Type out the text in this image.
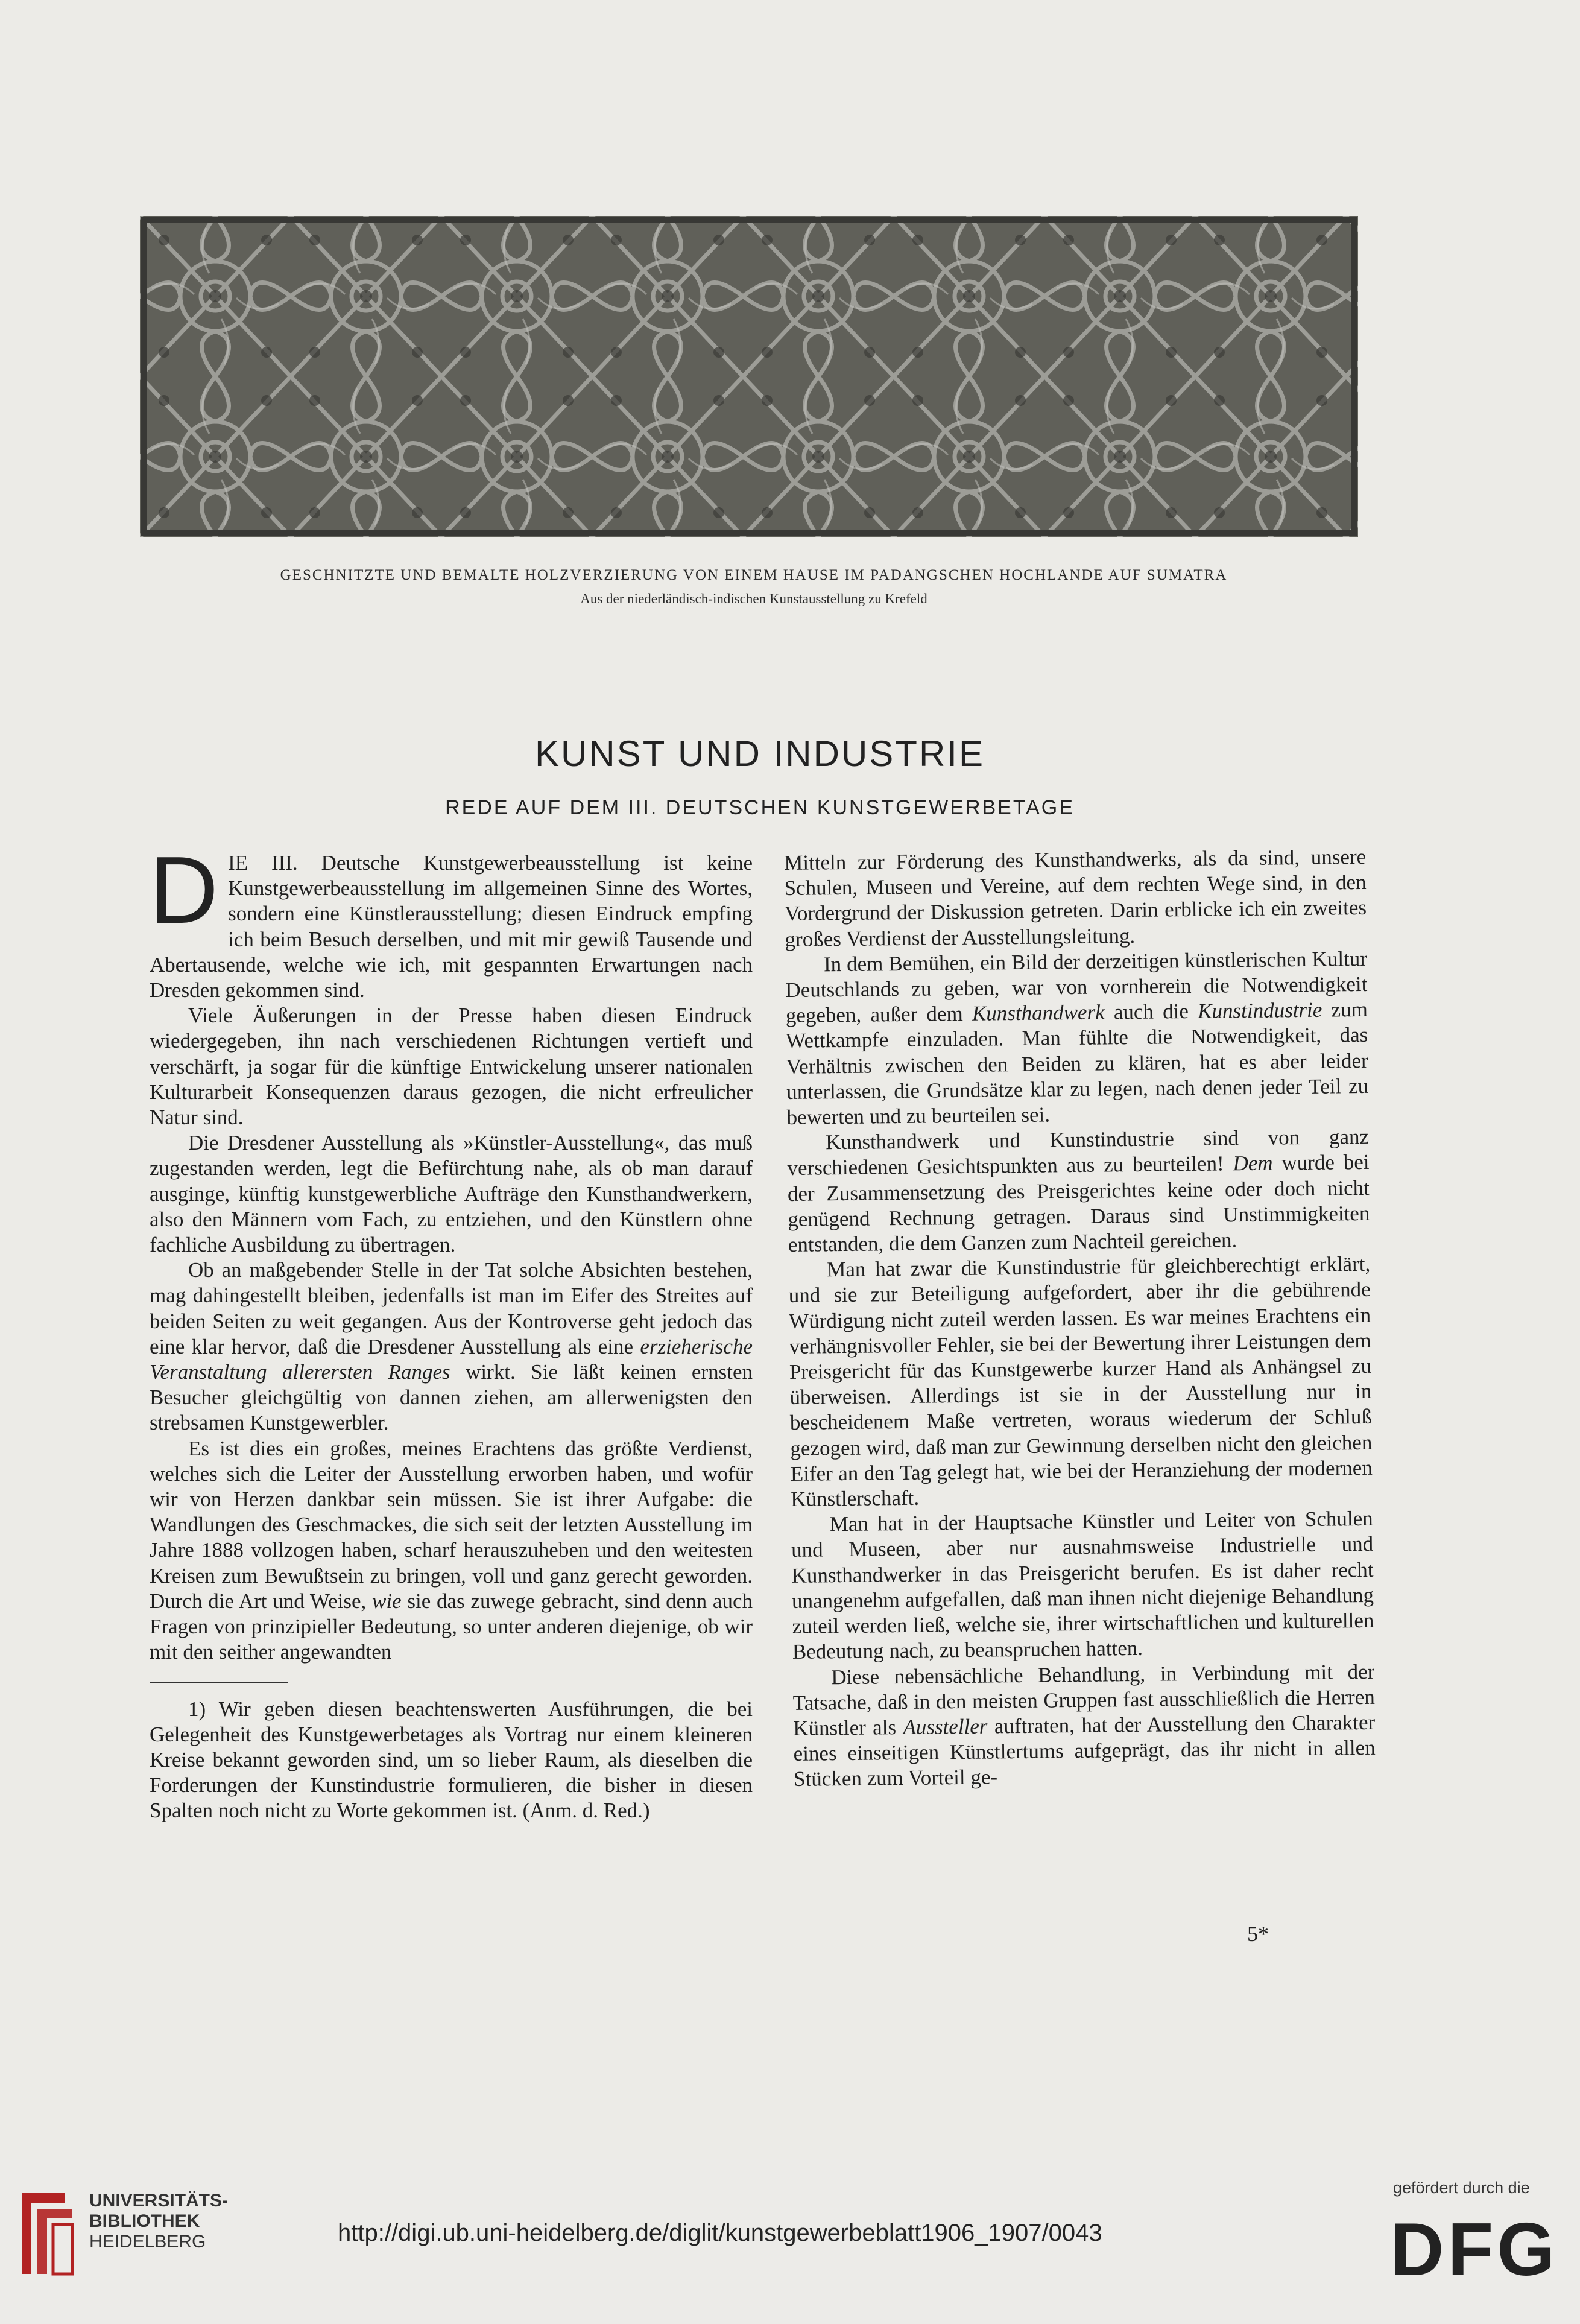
GESCHNITZTE UND BEMALTE HOLZVERZIERUNG VON EINEM HAUSE IM PADANGSCHEN HOCHLANDE AUF SUMATRA
Aus der niederländisch-indischen Kunstausstellung zu Krefeld
KUNST UND INDUSTRIE
REDE AUF DEM III. DEUTSCHEN KUNSTGEWERBETAGE

DIE III. Deutsche Kunstgewerbeausstellung ist keine Kunstgewerbeausstellung im allgemeinen Sinne des Wortes, sondern eine Künstlerausstellung; diesen Eindruck empfing ich beim Besuch derselben, und mit mir gewiß Tausende und Abertausende, welche wie ich, mit gespannten Erwartungen nach Dresden gekommen sind.

Viele Äußerungen in der Presse haben diesen Eindruck wiedergegeben, ihn nach verschiedenen Richtungen vertieft und verschärft, ja sogar für die künftige Entwickelung unserer nationalen Kulturarbeit Konsequenzen daraus gezogen, die nicht erfreulicher Natur sind.

Die Dresdener Ausstellung als »Künstler-Ausstellung«, das muß zugestanden werden, legt die Befürchtung nahe, als ob man darauf ausginge, künftig kunstgewerbliche Aufträge den Kunsthandwerkern, also den Männern vom Fach, zu entziehen, und den Künstlern ohne fachliche Ausbildung zu übertragen.

Ob an maßgebender Stelle in der Tat solche Absichten bestehen, mag dahingestellt bleiben, jedenfalls ist man im Eifer des Streites auf beiden Seiten zu weit gegangen. Aus der Kontroverse geht jedoch das eine klar hervor, daß die Dresdener Ausstellung als eine erzieherische Veranstaltung allerersten Ranges wirkt. Sie läßt keinen ernsten Besucher gleichgültig von dannen ziehen, am allerwenigsten den strebsamen Kunstgewerbler.

Es ist dies ein großes, meines Erachtens das größte Verdienst, welches sich die Leiter der Ausstellung erworben haben, und wofür wir von Herzen dankbar sein müssen. Sie ist ihrer Aufgabe: die Wandlungen des Geschmackes, die sich seit der letzten Ausstellung im Jahre 1888 vollzogen haben, scharf herauszuheben und den weitesten Kreisen zum Bewußtsein zu bringen, voll und ganz gerecht geworden. Durch die Art und Weise, wie sie das zuwege gebracht, sind denn auch Fragen von prinzipieller Bedeutung, so unter anderen diejenige, ob wir mit den seither angewandten

1) Wir geben diesen beachtenswerten Ausführungen, die bei Gelegenheit des Kunstgewerbetages als Vortrag nur einem kleineren Kreise bekannt geworden sind, um so lieber Raum, als dieselben die Forderungen der Kunstindustrie formulieren, die bisher in diesen Spalten noch nicht zu Worte gekommen ist. (Anm. d. Red.)

Mitteln zur Förderung des Kunsthandwerks, als da sind, unsere Schulen, Museen und Vereine, auf dem rechten Wege sind, in den Vordergrund der Diskussion getreten. Darin erblicke ich ein zweites großes Verdienst der Ausstellungsleitung.

In dem Bemühen, ein Bild der derzeitigen künstlerischen Kultur Deutschlands zu geben, war von vornherein die Notwendigkeit gegeben, außer dem Kunsthandwerk auch die Kunstindustrie zum Wettkampfe einzuladen. Man fühlte die Notwendigkeit, das Verhältnis zwischen den Beiden zu klären, hat es aber leider unterlassen, die Grundsätze klar zu legen, nach denen jeder Teil zu bewerten und zu beurteilen sei.

Kunsthandwerk und Kunstindustrie sind von ganz verschiedenen Gesichtspunkten aus zu beurteilen! Dem wurde bei der Zusammensetzung des Preisgerichtes keine oder doch nicht genügend Rechnung getragen. Daraus sind Unstimmigkeiten entstanden, die dem Ganzen zum Nachteil gereichen.

Man hat zwar die Kunstindustrie für gleichberechtigt erklärt, und sie zur Beteiligung aufgefordert, aber ihr die gebührende Würdigung nicht zuteil werden lassen. Es war meines Erachtens ein verhängnisvoller Fehler, sie bei der Bewertung ihrer Leistungen dem Preisgericht für das Kunstgewerbe kurzer Hand als Anhängsel zu überweisen. Allerdings ist sie in der Ausstellung nur in bescheidenem Maße vertreten, woraus wiederum der Schluß gezogen wird, daß man zur Gewinnung derselben nicht den gleichen Eifer an den Tag gelegt hat, wie bei der Heranziehung der modernen Künstlerschaft.

Man hat in der Hauptsache Künstler und Leiter von Schulen und Museen, aber nur ausnahmsweise Industrielle und Kunsthandwerker in das Preisgericht berufen. Es ist daher recht unangenehm aufgefallen, daß man ihnen nicht diejenige Behandlung zuteil werden ließ, welche sie, ihrer wirtschaftlichen und kulturellen Bedeutung nach, zu beanspruchen hatten.

Diese nebensächliche Behandlung, in Verbindung mit der Tatsache, daß in den meisten Gruppen fast ausschließlich die Herren Künstler als Aussteller auftraten, hat der Ausstellung den Charakter eines einseitigen Künstlertums aufgeprägt, das ihr nicht in allen Stücken zum Vorteil ge-

5*
UNIVERSITÄTS-
BIBLIOTHEK
HEIDELBERG	http://digi.ub.uni-heidelberg.de/diglit/kunstgewerbeblatt1906_1907/0043
gefördert durch die
DFG
